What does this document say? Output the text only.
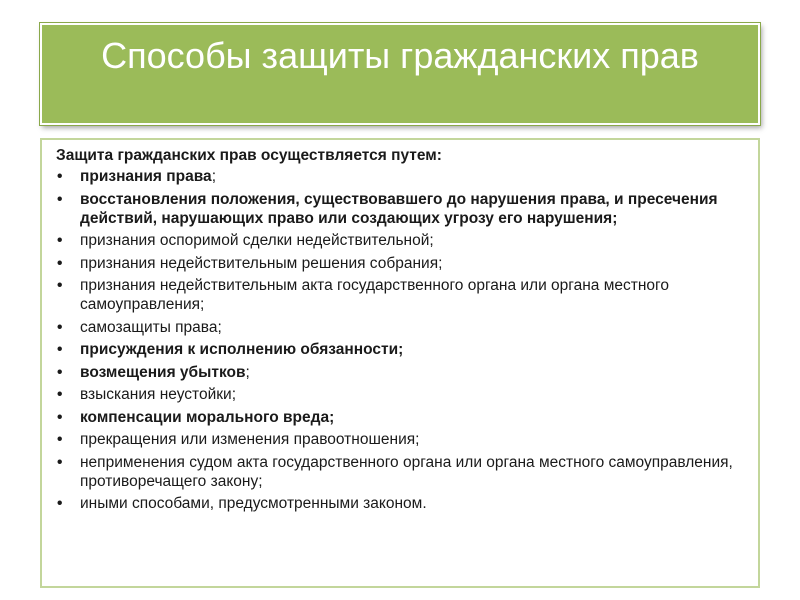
Способы защиты гражданских прав
Защита гражданских прав осуществляется путем:
• признания права;
• восстановления положения, существовавшего до нарушения права, и пресечения действий, нарушающих право или создающих угрозу его нарушения;
• признания оспоримой сделки недействительной;
• признания недействительным решения собрания;
• признания недействительным акта государственного органа или органа местного самоуправления;
• самозащиты права;
• присуждения к исполнению обязанности;
• возмещения убытков;
• взыскания неустойки;
• компенсации морального вреда;
• прекращения или изменения правоотношения;
• неприменения судом акта государственного органа или органа местного самоуправления, противоречащего закону;
• иными способами, предусмотренными законом.
